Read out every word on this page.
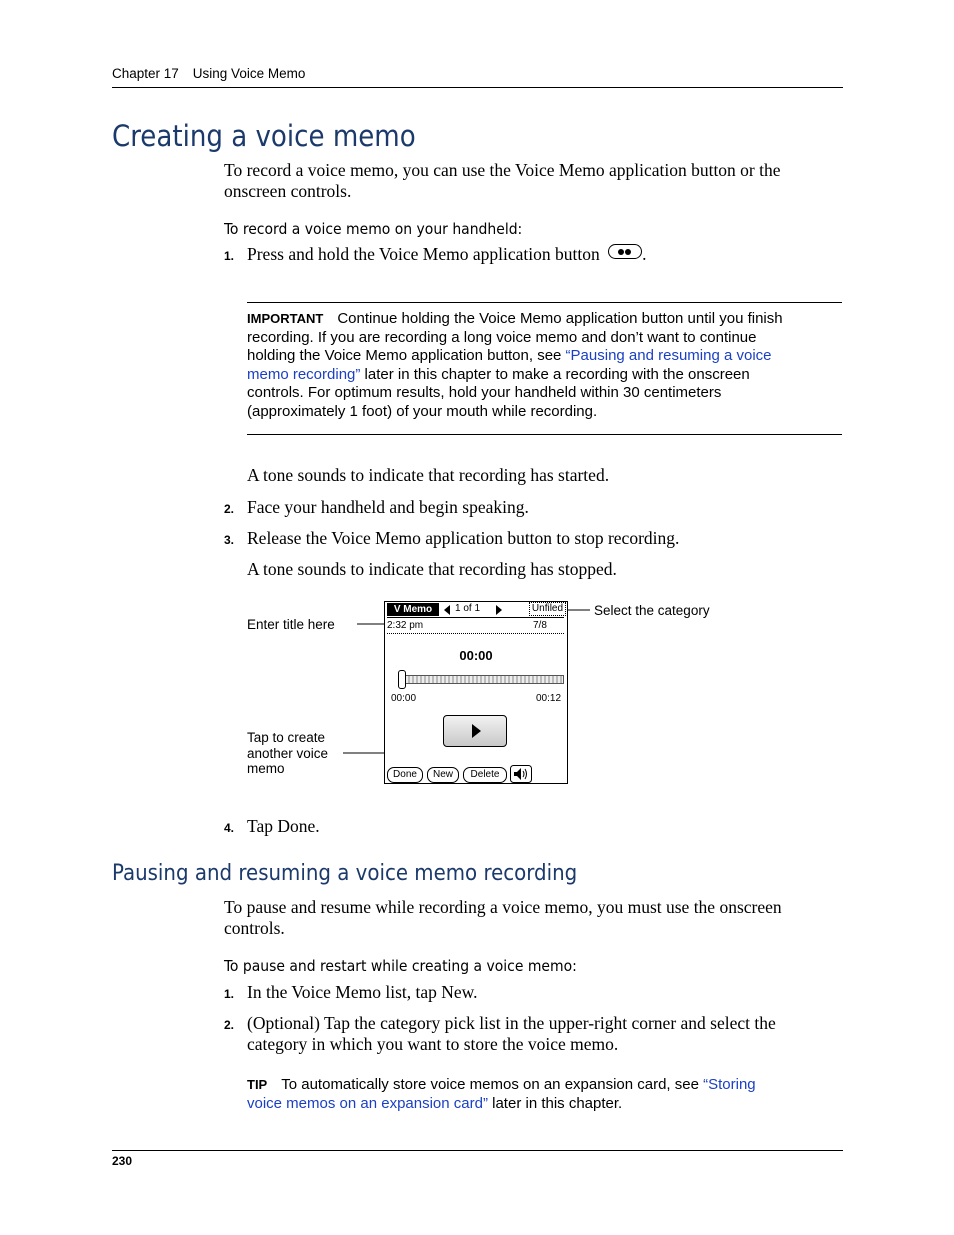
Chapter 17 Using Voice Memo
Creating a voice memo
To record a voice memo, you can use the Voice Memo application button or the
onscreen controls.
To record a voice memo on your handheld:
1. Press and hold the Voice Memo application button .
IMPORTANT Continue holding the Voice Memo application button until you finish
recording. If you are recording a long voice memo and don’t want to continue
holding the Voice Memo application button, see “Pausing and resuming a voice
memo recording” later in this chapter to make a recording with the onscreen
controls. For optimum results, hold your handheld within 30 centimeters
(approximately 1 foot) of your mouth while recording.
A tone sounds to indicate that recording has started.
2. Face your handheld and begin speaking.
3. Release the Voice Memo application button to stop recording.
A tone sounds to indicate that recording has stopped.
Enter title here
Select the category
Tap to create
another voice
memo
V Memo	1 of 1	Unfiled
2:32 pm	7/8
00:00
00:00	00:12
Done	New	Delete
4. Tap Done.
Pausing and resuming a voice memo recording
To pause and resume while recording a voice memo, you must use the onscreen
controls.
To pause and restart while creating a voice memo:
1. In the Voice Memo list, tap New.
2. (Optional) Tap the category pick list in the upper-right corner and select the
category in which you want to store the voice memo.
TIP To automatically store voice memos on an expansion card, see “Storing
voice memos on an expansion card” later in this chapter.
230
